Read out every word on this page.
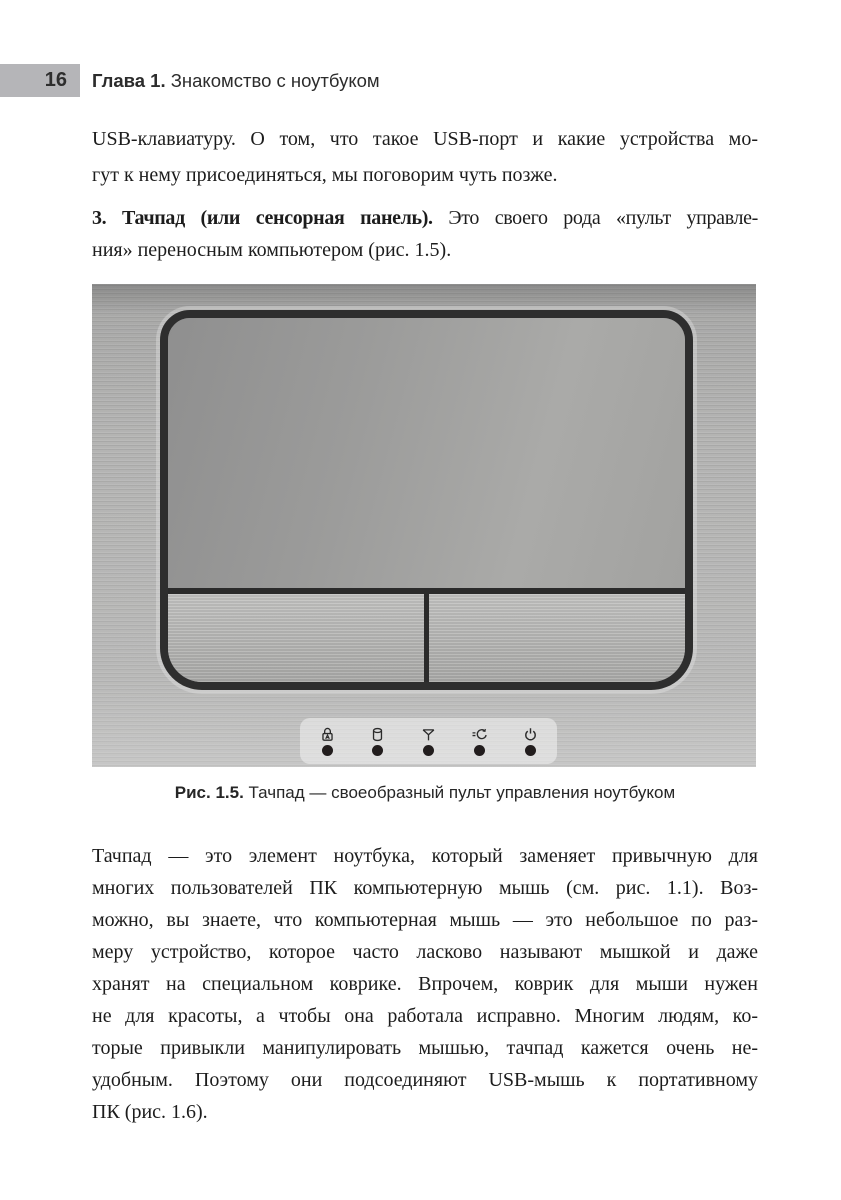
16 Глава 1. Знакомство с ноутбуком
USB-клавиатуру. О том, что такое USB-порт и какие устройства мо-
гут к нему присоединяться, мы поговорим чуть позже.
3. Тачпад (или сенсорная панель). Это своего рода «пульт управле-
ния» переносным компьютером (рис. 1.5).
Рис. 1.5. Тачпад — своеобразный пульт управления ноутбуком
Тачпад — это элемент ноутбука, который заменяет привычную для
многих пользователей ПК компьютерную мышь (см. рис. 1.1). Воз-
можно, вы знаете, что компьютерная мышь — это небольшое по раз-
меру устройство, которое часто ласково называют мышкой и даже
хранят на специальном коврике. Впрочем, коврик для мыши нужен
не для красоты, а чтобы она работала исправно. Многим людям, ко-
торые привыкли манипулировать мышью, тачпад кажется очень не-
удобным. Поэтому они подсоединяют USB-мышь к портативному
ПК (рис. 1.6).
